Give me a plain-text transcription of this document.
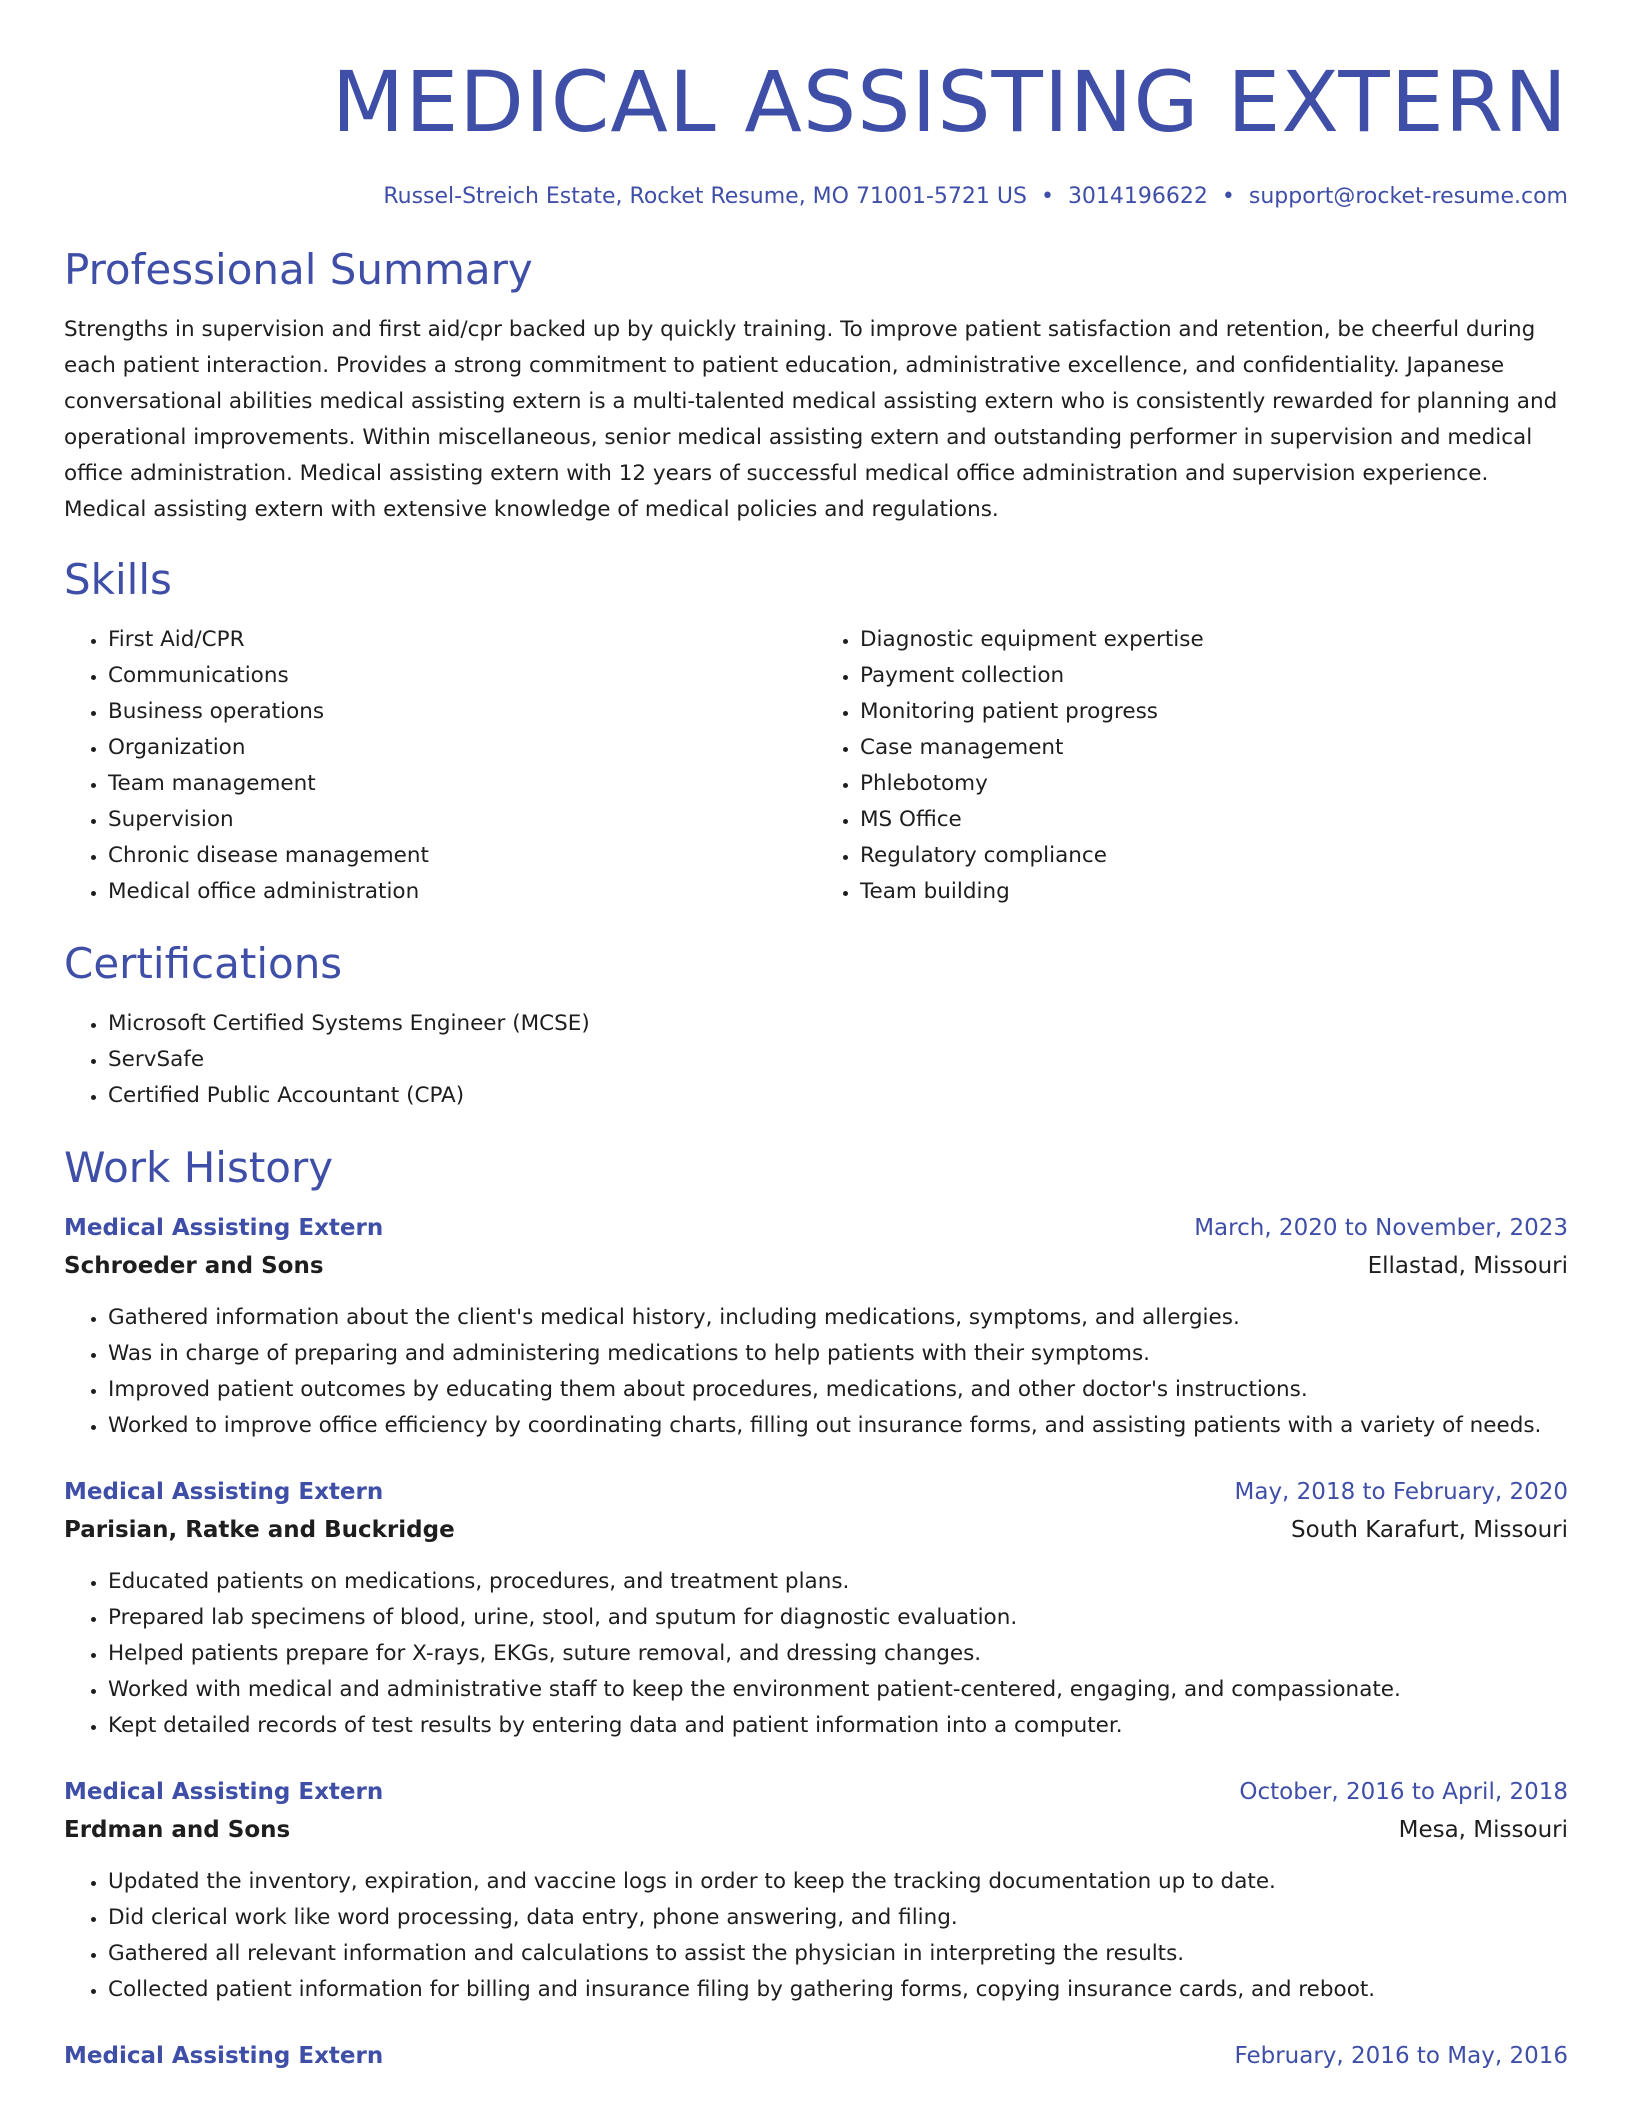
MEDICAL ASSISTING EXTERN
Russel-Streich Estate, Rocket Resume, MO 71001-5721 US • 3014196622 • support@rocket-resume.com
Professional Summary

Strengths in supervision and first aid/cpr backed up by quickly training. To improve patient satisfaction and retention, be cheerful during each patient interaction. Provides a strong commitment to patient education, administrative excellence, and confidentiality. Japanese conversational abilities medical assisting extern is a multi-talented medical assisting extern who is consistently rewarded for planning and operational improvements. Within miscellaneous, senior medical assisting extern and outstanding performer in supervision and medical office administration. Medical assisting extern with 12 years of successful medical office administration and supervision experience. Medical assisting extern with extensive knowledge of medical policies and regulations.

Skills
• First Aid/CPR
• Communications
• Business operations
• Organization
• Team management
• Supervision
• Chronic disease management
• Medical office administration
• Diagnostic equipment expertise
• Payment collection
• Monitoring patient progress
• Case management
• Phlebotomy
• MS Office
• Regulatory compliance
• Team building
Certifications
• Microsoft Certified Systems Engineer (MCSE)
• ServSafe
• Certified Public Accountant (CPA)
Work History
Medical Assisting Extern	March, 2020 to November, 2023
Schroeder and Sons	Ellastad, Missouri
• Gathered information about the client's medical history, including medications, symptoms, and allergies.
• Was in charge of preparing and administering medications to help patients with their symptoms.
• Improved patient outcomes by educating them about procedures, medications, and other doctor's instructions.
• Worked to improve office efficiency by coordinating charts, filling out insurance forms, and assisting patients with a variety of needs.
Medical Assisting Extern	May, 2018 to February, 2020
Parisian, Ratke and Buckridge	South Karafurt, Missouri
• Educated patients on medications, procedures, and treatment plans.
• Prepared lab specimens of blood, urine, stool, and sputum for diagnostic evaluation.
• Helped patients prepare for X-rays, EKGs, suture removal, and dressing changes.
• Worked with medical and administrative staff to keep the environment patient-centered, engaging, and compassionate.
• Kept detailed records of test results by entering data and patient information into a computer.
Medical Assisting Extern	October, 2016 to April, 2018
Erdman and Sons	Mesa, Missouri
• Updated the inventory, expiration, and vaccine logs in order to keep the tracking documentation up to date.
• Did clerical work like word processing, data entry, phone answering, and filing.
• Gathered all relevant information and calculations to assist the physician in interpreting the results.
• Collected patient information for billing and insurance filing by gathering forms, copying insurance cards, and reboot.
Medical Assisting Extern	February, 2016 to May, 2016
